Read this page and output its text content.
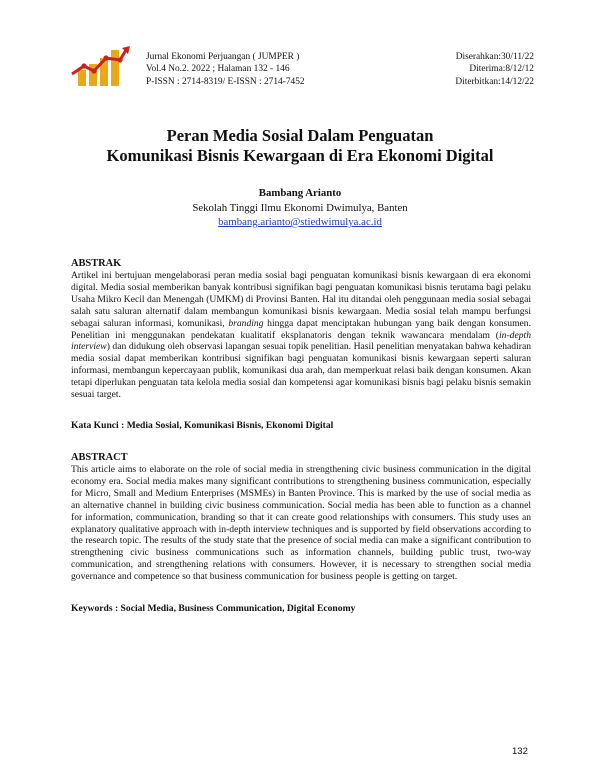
Jurnal Ekonomi Perjuangan ( JUMPER )
Vol.4 No.2. 2022 ; Halaman 132 - 146
P-ISSN : 2714-8319/ E-ISSN : 2714-7452
Diserahkan:30/11/22
Diterima:8/12/12
Diterbitkan:14/12/22
Peran Media Sosial Dalam Penguatan
Komunikasi Bisnis Kewargaan di Era Ekonomi Digital
Bambang Arianto
Sekolah Tinggi Ilmu Ekonomi Dwimulya, Banten
bambang.arianto@stiedwimulya.ac.id
ABSTRAK
Artikel ini bertujuan mengelaborasi peran media sosial bagi penguatan komunikasi bisnis kewargaan di era ekonomi digital. Media sosial memberikan banyak kontribusi signifikan bagi penguatan komunikasi bisnis terutama bagi pelaku Usaha Mikro Kecil dan Menengah (UMKM) di Provinsi Banten. Hal itu ditandai oleh penggunaan media sosial sebagai salah satu saluran alternatif dalam membangun komunikasi bisnis kewargaan. Media sosial telah mampu berfungsi sebagai saluran informasi, komunikasi, branding hingga dapat menciptakan hubungan yang baik dengan konsumen. Penelitian ini menggunakan pendekatan kualitatif eksplanatoris dengan teknik wawancara mendalam (in-depth interview) dan didukung oleh observasi lapangan sesuai topik penelitian. Hasil penelitian menyatakan bahwa kehadiran media sosial dapat memberikan kontribusi signifikan bagi penguatan komunikasi bisnis kewargaan seperti saluran informasi, membangun kepercayaan publik, komunikasi dua arah, dan memperkuat relasi baik dengan konsumen. Akan tetapi diperlukan penguatan tata kelola media sosial dan kompetensi agar komunikasi bisnis bagi pelaku bisnis semakin sesuai target.
Kata Kunci : Media Sosial, Komunikasi Bisnis, Ekonomi Digital
ABSTRACT
This article aims to elaborate on the role of social media in strengthening civic business communication in the digital economy era. Social media makes many significant contributions to strengthening business communication, especially for Micro, Small and Medium Enterprises (MSMEs) in Banten Province. This is marked by the use of social media as an alternative channel in building civic business communication. Social media has been able to function as a channel for information, communication, branding so that it can create good relationships with consumers. This study uses an explanatory qualitative approach with in-depth interview techniques and is supported by field observations according to the research topic. The results of the study state that the presence of social media can make a significant contribution to strengthening civic business communications such as information channels, building public trust, two-way communication, and strengthening relations with consumers. However, it is necessary to strengthen social media governance and competence so that business communication for business people is getting on target.
Keywords : Social Media, Business Communication, Digital Economy
132
